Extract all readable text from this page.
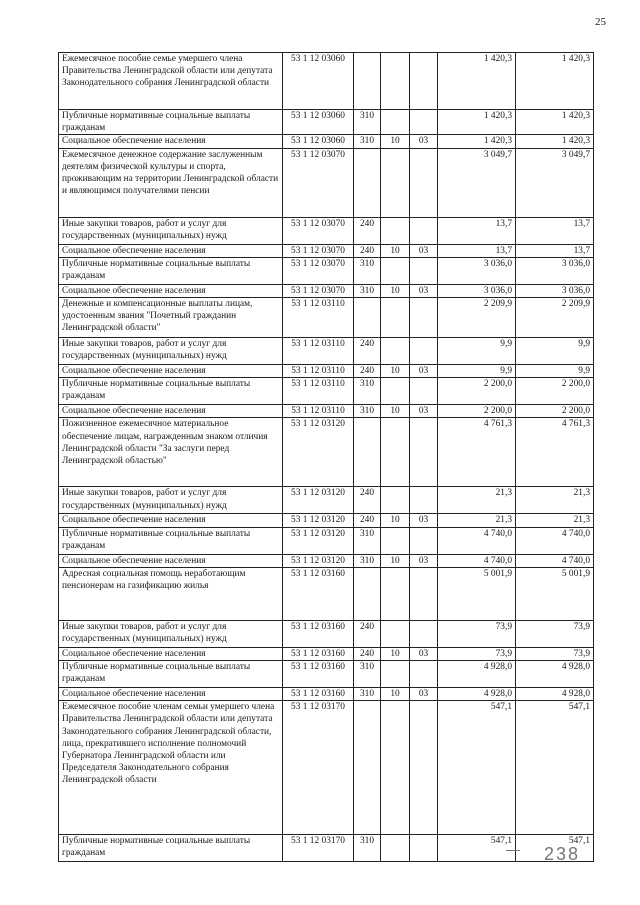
25
Ежемесячное пособие семье умершего члена Правительства Ленинградской области или депутата Законодательного собрания Ленинградской области	53 1 12 03060				1 420,3	1 420,3
Публичные нормативные социальные выплаты гражданам	53 1 12 03060	310			1 420,3	1 420,3
Социальное обеспечение населения	53 1 12 03060	310	10	03	1 420,3	1 420,3
Ежемесячное денежное содержание заслуженным деятелям физической культуры и спорта, проживающим на территории Ленинградской области и являющимся получателями пенсии	53 1 12 03070				3 049,7	3 049,7
Иные закупки товаров, работ и услуг для государственных (муниципальных) нужд	53 1 12 03070	240			13,7	13,7
Социальное обеспечение населения	53 1 12 03070	240	10	03	13,7	13,7
Публичные нормативные социальные выплаты гражданам	53 1 12 03070	310			3 036,0	3 036,0
Социальное обеспечение населения	53 1 12 03070	310	10	03	3 036,0	3 036,0
Денежные и компенсационные выплаты лицам, удостоенным звания "Почетный гражданин Ленинградской области"	53 1 12 03110				2 209,9	2 209,9
Иные закупки товаров, работ и услуг для государственных (муниципальных) нужд	53 1 12 03110	240			9,9	9,9
Социальное обеспечение населения	53 1 12 03110	240	10	03	9,9	9,9
Публичные нормативные социальные выплаты гражданам	53 1 12 03110	310			2 200,0	2 200,0
Социальное обеспечение населения	53 1 12 03110	310	10	03	2 200,0	2 200,0
Пожизненное ежемесячное материальное обеспечение лицам, награжденным знаком отличия Ленинградской области "За заслуги перед Ленинградской областью"	53 1 12 03120				4 761,3	4 761,3
Иные закупки товаров, работ и услуг для государственных (муниципальных) нужд	53 1 12 03120	240			21,3	21,3
Социальное обеспечение населения	53 1 12 03120	240	10	03	21,3	21,3
Публичные нормативные социальные выплаты гражданам	53 1 12 03120	310			4 740,0	4 740,0
Социальное обеспечение населения	53 1 12 03120	310	10	03	4 740,0	4 740,0
Адресная социальная помощь неработающим пенсионерам на газификацию жилья	53 1 12 03160				5 001,9	5 001,9
Иные закупки товаров, работ и услуг для государственных (муниципальных) нужд	53 1 12 03160	240			73,9	73,9
Социальное обеспечение населения	53 1 12 03160	240	10	03	73,9	73,9
Публичные нормативные социальные выплаты гражданам	53 1 12 03160	310			4 928,0	4 928,0
Социальное обеспечение населения	53 1 12 03160	310	10	03	4 928,0	4 928,0
Ежемесячное пособие членам семьи умершего члена Правительства Ленинградской области или депутата Законодательного собрания Ленинградской области, лица, прекратившего исполнение полномочий Губернатора Ленинградской области или Председателя Законодательного собрания Ленинградской области	53 1 12 03170				547,1	547,1
Публичные нормативные социальные выплаты гражданам	53 1 12 03170	310			547,1	547,1
238
